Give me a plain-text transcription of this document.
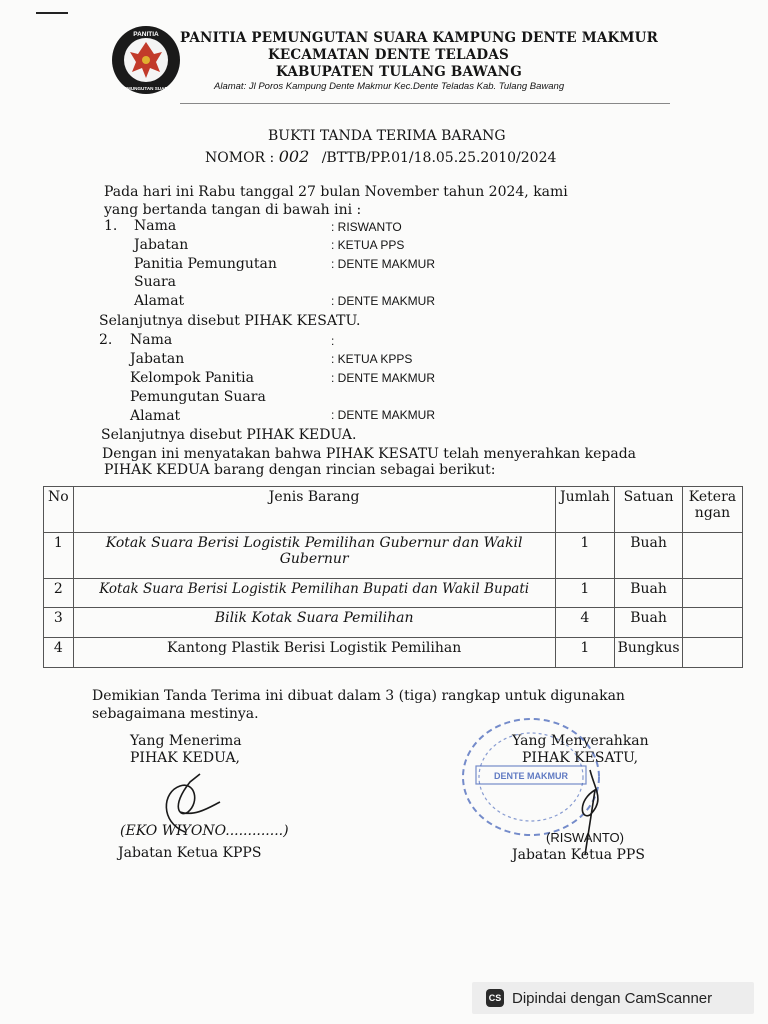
PANITIA
PEMUNGUTAN SUARA
PANITIA PEMUNGUTAN SUARA KAMPUNG DENTE MAKMUR
KECAMATAN DENTE TELADAS
KABUPATEN TULANG BAWANG
Alamat: Jl Poros Kampung Dente Makmur Kec.Dente Teladas Kab. Tulang Bawang
BUKTI TANDA TERIMA BARANG
NOMOR : 002 /BTTB/PP.01/18.05.25.2010/2024
Pada hari ini Rabu tanggal 27 bulan November tahun 2024, kami
yang bertanda tangan di bawah ini :
1. Nama	: RISWANTO
Jabatan	: KETUA PPS
Panitia Pemungutan	: DENTE MAKMUR
Suara
Alamat	: DENTE MAKMUR
Selanjutnya disebut PIHAK KESATU.
2. Nama	:
Jabatan	: KETUA KPPS
Kelompok Panitia	: DENTE MAKMUR
Pemungutan Suara
Alamat	: DENTE MAKMUR
Selanjutnya disebut PIHAK KEDUA.
Dengan ini menyatakan bahwa PIHAK KESATU telah menyerahkan kepada
PIHAK KEDUA barang dengan rincian sebagai berikut:
No	Jenis Barang	Jumlah	Satuan	Keterangan
1	Kotak Suara Berisi Logistik Pemilihan Gubernur dan Wakil Gubernur	1	Buah	
2	Kotak Suara Berisi Logistik Pemilihan Bupati dan Wakil Bupati	1	Buah	
3	Bilik Kotak Suara Pemilihan	4	Buah	
4	Kantong Plastik Berisi Logistik Pemilihan	1	Bungkus	
Demikian Tanda Terima ini dibuat dalam 3 (tiga) rangkap untuk digunakan
sebagaimana mestinya.
Yang Menerima
PIHAK KEDUA,
(EKO WIYONO.............)
Jabatan Ketua KPPS
DENTE MAKMUR
Yang Menyerahkan
PIHAK KESATU,
(RISWANTO)
Jabatan Ketua PPS
CS Dipindai dengan CamScanner
